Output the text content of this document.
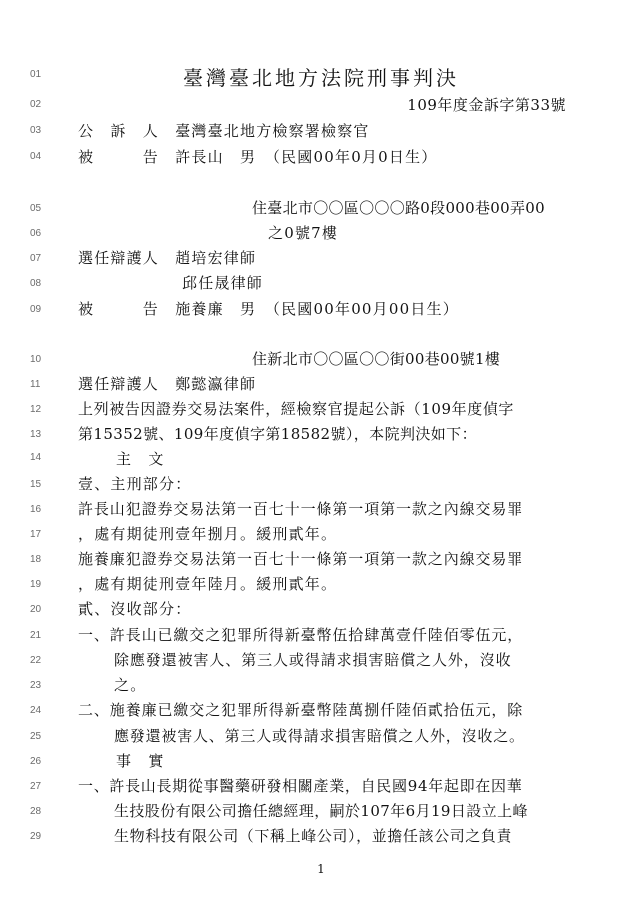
01
02
03
04
05
06
07
08
09
10
11
12
13
14
15
16
17
18
19
20
21
22
23
24
25
26
27
28
29
臺灣臺北地方法院刑事判決
109年度金訴字第33號
公　訴　人　臺灣臺北地方檢察署檢察官
被　　　告　許長山　男　（民國00年0月0日生）
住臺北市〇〇區〇〇〇路0段000巷00弄00
之0號7樓
選任辯護人　趙培宏律師
邱任晟律師
被　　　告　施養廉　男　（民國00年00月00日生）
住新北市〇〇區〇〇街00巷00號1樓
選任辯護人　鄭懿瀛律師
上列被告因證券交易法案件，經檢察官提起公訴（109年度偵字
第15352號、109年度偵字第18582號），本院判決如下：
主　文
壹、主刑部分：
許長山犯證券交易法第一百七十一條第一項第一款之內線交易罪
，處有期徒刑壹年捌月。緩刑貳年。
施養廉犯證券交易法第一百七十一條第一項第一款之內線交易罪
，處有期徒刑壹年陸月。緩刑貳年。
貳、沒收部分：
一、許長山已繳交之犯罪所得新臺幣伍拾肆萬壹仟陸佰零伍元，
除應發還被害人、第三人或得請求損害賠償之人外，沒收
之。
二、施養廉已繳交之犯罪所得新臺幣陸萬捌仟陸佰貳拾伍元，除
應發還被害人、第三人或得請求損害賠償之人外，沒收之。
事　實
一、許長山長期從事醫藥研發相關產業，自民國94年起即在因華
生技股份有限公司擔任總經理，嗣於107年6月19日設立上峰
生物科技有限公司（下稱上峰公司），並擔任該公司之負責
1
